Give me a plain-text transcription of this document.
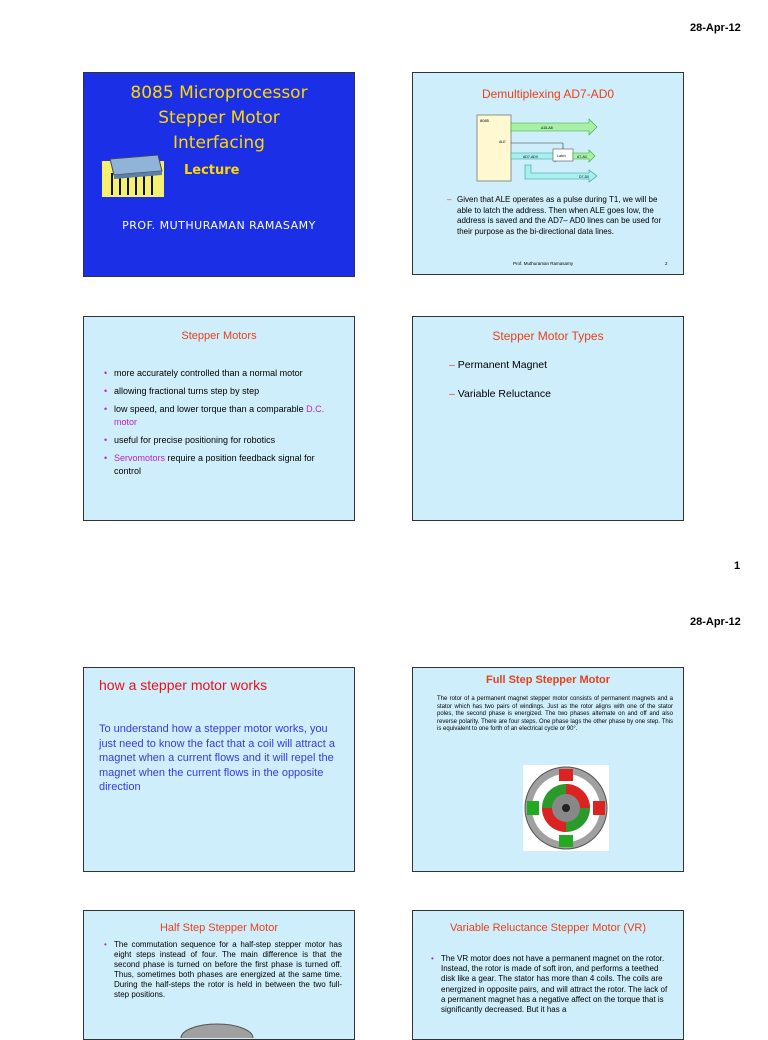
28-Apr-12
8085 Microprocessor
Stepper Motor
Interfacing
Lecture
PROF. MUTHURAMAN RAMASAMY
Demultiplexing AD7-AD0
8085
ALE
A15-A8
AD7-AD0	Latch	A7-A0
D7-D0
– Given that ALE operates as a pulse during T1, we will be able to latch the address. Then when ALE goes low, the address is saved and the AD7– AD0 lines can be used for their purpose as the bi-directional data lines.
Prof. Muthuraman Ramasamy	2
Stepper Motors
• more accurately controlled than a normal motor
• allowing fractional turns step by step
• low speed, and lower torque than a comparable D.C. motor
• useful for precise positioning for robotics
• Servomotors require a position feedback signal for control
Stepper Motor Types
– Permanent Magnet
– Variable Reluctance
1
28-Apr-12
how a stepper motor works
To understand how a stepper motor works, you just need to know the fact that a coil will attract a magnet when a current flows and it will repel the magnet when the current flows in the opposite direction
Full Step Stepper Motor
The rotor of a permanent magnet stepper motor consists of permanent magnets and a stator which has two pairs of windings. Just as the rotor aligns with one of the stator poles, the second phase is energized. The two phases alternate on and off and also reverse polarity. There are four steps. One phase lags the other phase by one step. This is equivalent to one forth of an electrical cycle or 90°.
Half Step Stepper Motor
• The commutation sequence for a half-step stepper motor has eight steps instead of four. The main difference is that the second phase is turned on before the first phase is turned off. Thus, sometimes both phases are energized at the same time. During the half-steps the rotor is held in between the two full-step positions.
Variable Reluctance Stepper Motor (VR)
• The VR motor does not have a permanent magnet on the rotor. Instead, the rotor is made of soft iron, and performs a teethed disk like a gear. The stator has more than 4 coils. The coils are energized in opposite pairs, and will attract the rotor. The lack of a permanent magnet has a negative affect on the torque that is significantly decreased. But it has a
